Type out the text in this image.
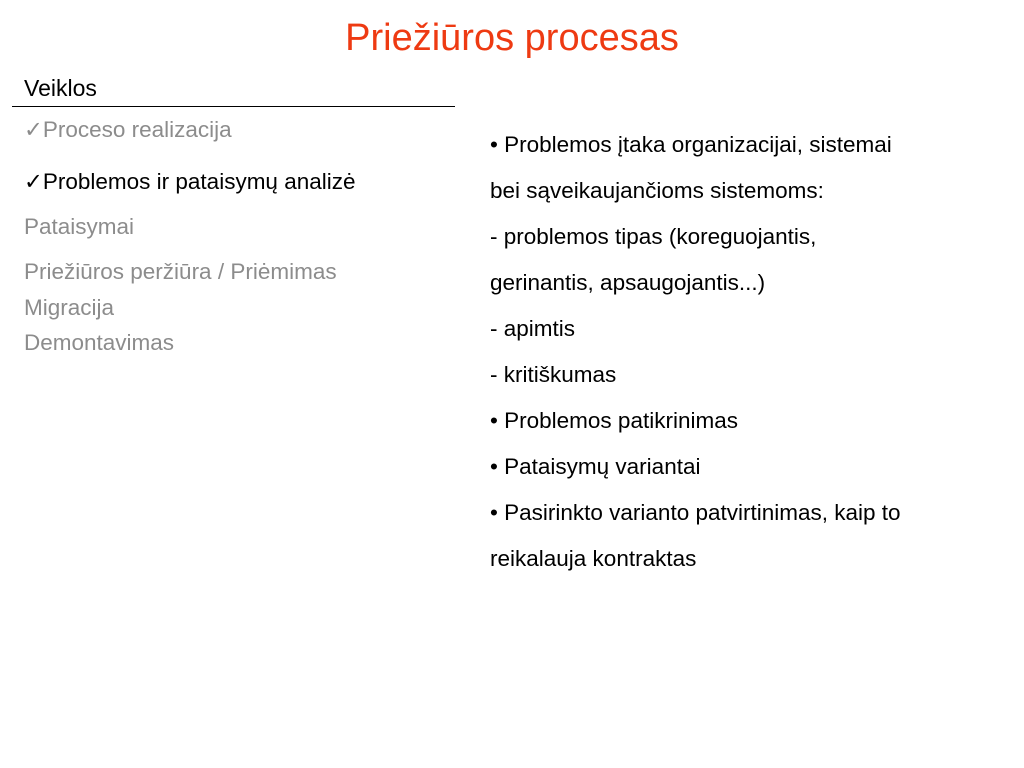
Priežiūros procesas
Veiklos
✓Proceso realizacija
✓Problemos ir pataisymų analizė
Pataisymai
Priežiūros peržiūra / Priėmimas
Migracija
Demontavimas
• Problemos įtaka organizacijai, sistemai
bei sąveikaujančioms sistemoms:
- problemos tipas (koreguojantis,
gerinantis, apsaugojantis...)
- apimtis
- kritiškumas
• Problemos patikrinimas
• Pataisymų variantai
• Pasirinkto varianto patvirtinimas, kaip to
reikalauja kontraktas
